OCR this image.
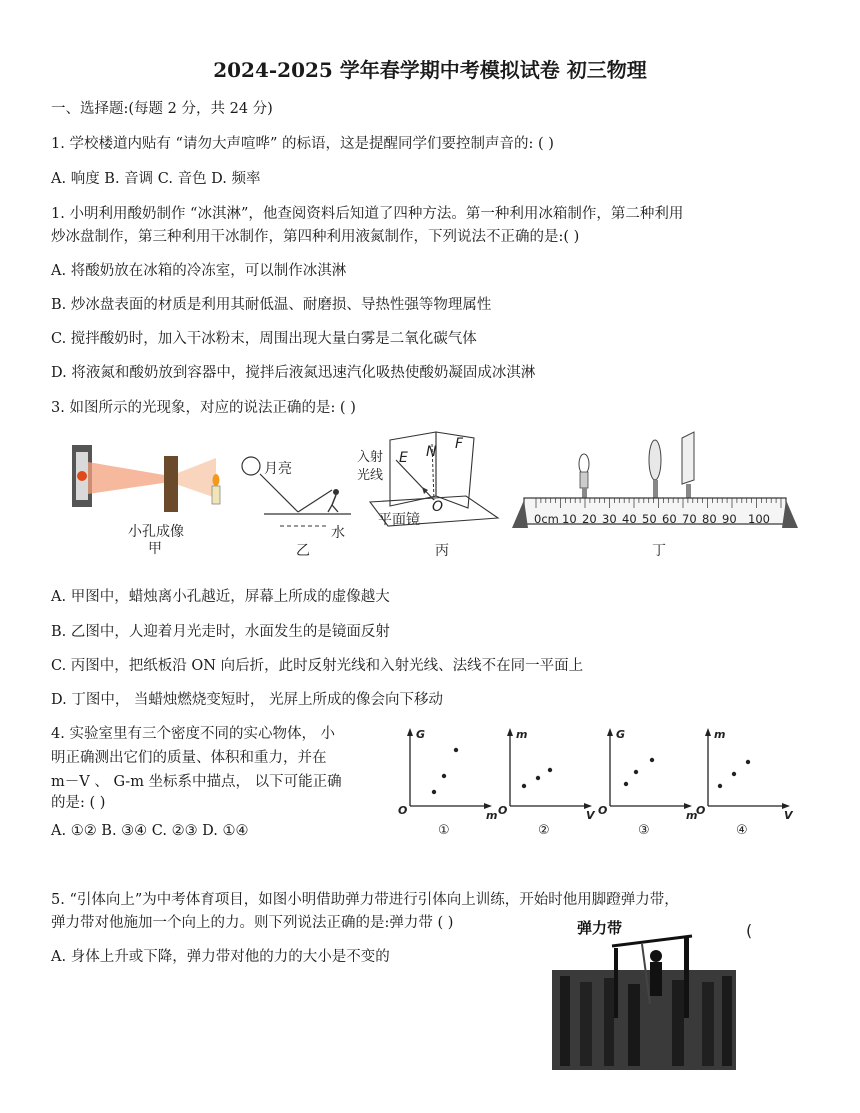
2024-2025 学年春学期中考模拟试卷 初三物理
一、选择题:(每题 2 分，共 24 分)
1. 学校楼道内贴有 “请勿大声喧哗” 的标语，这是提醒同学们要控制声音的: ( )
A. 响度 B. 音调 C. 音色 D. 频率
1. 小明利用酸奶制作 “冰淇淋”，他查阅资料后知道了四种方法。第一种利用冰箱制作，第二种利用
炒冰盘制作，第三种利用干冰制作，第四种利用液氮制作，下列说法不正确的是:( )
A. 将酸奶放在冰箱的冷冻室，可以制作冰淇淋
B. 炒冰盘表面的材质是利用其耐低温、耐磨损、导热性强等物理属性
C. 搅拌酸奶时，加入干冰粉末，周围出现大量白雾是二氧化碳气体
D. 将液氮和酸奶放到容器中，搅拌后液氮迅速汽化吸热使酸奶凝固成冰淇淋
3. 如图所示的光现象，对应的说法正确的是: ( )
小孔成像
甲
月亮
水
乙
入射
光线
E N F
O
平面镜
丙
0cm 10 20 30 40 50 60 70 80 90 100
丁
A. 甲图中，蜡烛离小孔越近，屏幕上所成的虚像越大
B. 乙图中，人迎着月光走时，水面发生的是镜面反射
C. 丙图中，把纸板沿 ON 向后折，此时反射光线和入射光线、法线不在同一平面上
D. 丁图中， 当蜡烛燃烧变短时， 光屏上所成的像会向下移动
4. 实验室里有三个密度不同的实心物体， 小
明正确测出它们的质量、体积和重力，并在
m－V 、 G-m 坐标系中描点， 以下可能正确
的是: ( )
A. ①② B. ③④ C. ②③ D. ①④
G
m
O
①
m
V
O
②
G
m
O
③
m
V
O
④
5. “引体向上”为中考体育项目，如图小明借助弹力带进行引体向上训练，开始时他用脚蹬弹力带，
弹力带对他施加一个向上的力。则下列说法正确的是:弹力带 ( )
A. 身体上升或下降，弹力带对他的力的大小是不变的
(
弹力带
